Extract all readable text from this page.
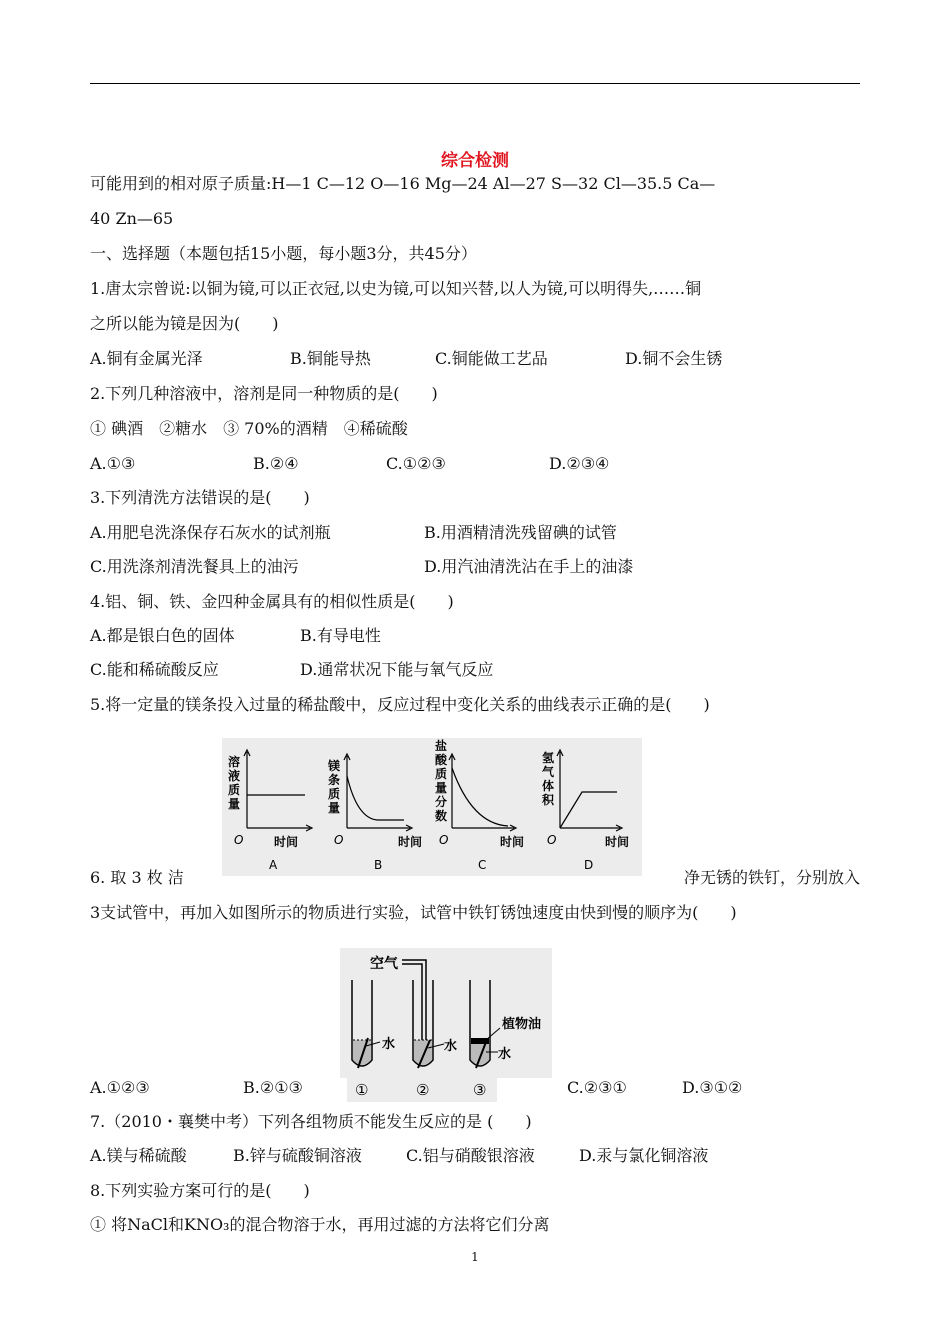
综合检测
可能用到的相对原子质量:H—1 C—12 O—16 Mg—24 Al—27 S—32 Cl—35.5 Ca—
40 Zn—65
一、选择题（本题包括15小题，每小题3分，共45分）
1.唐太宗曾说:以铜为镜,可以正衣冠,以史为镜,可以知兴替,以人为镜,可以明得失,……铜
之所以能为镜是因为(　　)
A.铜有金属光泽	B.铜能导热	C.铜能做工艺品	D.铜不会生锈
2.下列几种溶液中，溶剂是同一种物质的是(　　)
① 碘酒　②糖水　③ 70%的酒精　④稀硫酸
A.①③	B.②④	C.①②③	D.②③④
3.下列清洗方法错误的是(　　)
A.用肥皂洗涤保存石灰水的试剂瓶	B.用酒精清洗残留碘的试管
C.用洗涤剂清洗餐具上的油污	D.用汽油清洗沾在手上的油漆
4.铝、铜、铁、金四种金属具有的相似性质是(　　)
A.都是银白色的固体	B.有导电性
C.能和稀硫酸反应	D.通常状况下能与氧气反应
5.将一定量的镁条投入过量的稀盐酸中，反应过程中变化关系的曲线表示正确的是(　　)
溶
液
质
量
O	时间
A
镁
条
质
量
O	时间
B
盐
酸
质
量
分
数
O	时间
C
氢
气
体
积
O	时间
D
6. 取 3 枚 洁	净无锈的铁钉，分别放入
3支试管中，再加入如图所示的物质进行实验，试管中铁钉锈蚀速度由快到慢的顺序为(　　)
空气
水	水
植物油
水
A.①②③	B.②①③	①	②	③	C.②③①	D.③①②
7.（2010・襄樊中考）下列各组物质不能发生反应的是 (　　)
A.镁与稀硫酸	B.锌与硫酸铜溶液	C.铝与硝酸银溶液	D.汞与氯化铜溶液
8.下列实验方案可行的是(　　)
① 将NaCl和KNO₃的混合物溶于水，再用过滤的方法将它们分离
1
